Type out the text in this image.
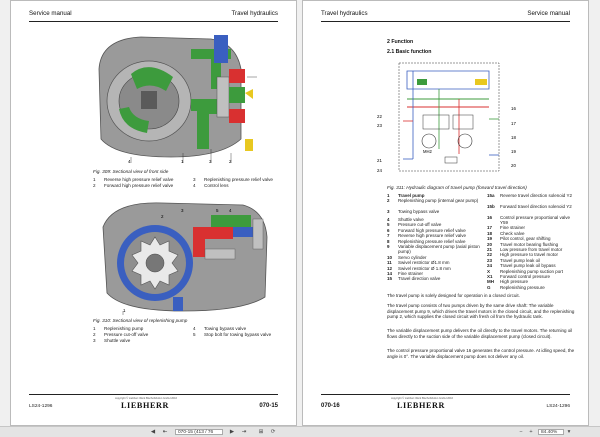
Service manual	Travel hydraulics
4	1	3	2
Fig. 309: Sectional view of front side
1 Reverse high pressure relief valve	3 Replenishing pressure relief valve
2 Forward high pressure relief valve	4 Control lens
3	5 4
2
1
Fig. 310: Sectional view of replenishing pump
1 Replenishing pump	4 Towing bypass valve
2 Pressure cut-off valve	5 Stop bolt for towing bypass valve
3 Shuttle valve
LS24-1296
copyright © Liebherr-Werk Bischofshofen GmbH 2016
LIEBHERR	070-15
Travel hydraulics	Service manual
2 Function
2.1 Basic function
22
23
21
24
16
17
18
19
20
MH2
Fig. 311: Hydraulic diagram of travel pump (forward travel direction)
1 Travel pump
2 Replenishing pump (internal gear pump)
3 Towing bypass valve
4 Shuttle valve
5 Pressure cut-off valve
6 Forward high pressure relief valve
7 Reverse high pressure relief valve
8 Replenishing pressure relief valve
9 Variable displacement pump (axial piston pump)
10 Servo cylinder
11 Swivel restrictor Ø1.8 mm
12 Swivel restrictor Ø 1.8 mm
14 Fine strainer
15 Travel direction valve
15a Reverse travel direction solenoid Y2
15b Forward travel direction solenoid Y2
16 Control pressure proportional valve Y59
17 Fine strainer
18 Check valve
19 Pilot control, gear shifting
20 Travel motor bearing flushing
21 Low pressure from travel motor
22 High pressure to travel motor
23 Travel pump leak oil
24 Travel pump leak oil bypass
X Replenishing pump suction port
X1 Forward control pressure
MH High pressure
G Replenishing pressure
The travel pump is solely designed for operation in a closed circuit.
The travel pump consists of two pumps driven by the same drive shaft: The variable displacement pump 9, which drives the travel motors in the closed circuit, and the replenishing pump 2, which supplies the closed circuit with fresh oil from the hydraulic tank.
The variable displacement pump delivers the oil directly to the travel motors. The returning oil flows directly to the suction side of the variable displacement pump (closed circuit).
The control pressure proportional valve 16 generates the control pressure. At idling speed, the angle is 0°. The variable displacement pump does not deliver any oil.
070-16
copyright © Liebherr-Werk Bischofshofen GmbH 2016
LIEBHERR	LS24-1296
◀ ⇤	070-15 (413 / 76	▶ ⇥ ⊞ ⟳	− +	84.40%	▾
